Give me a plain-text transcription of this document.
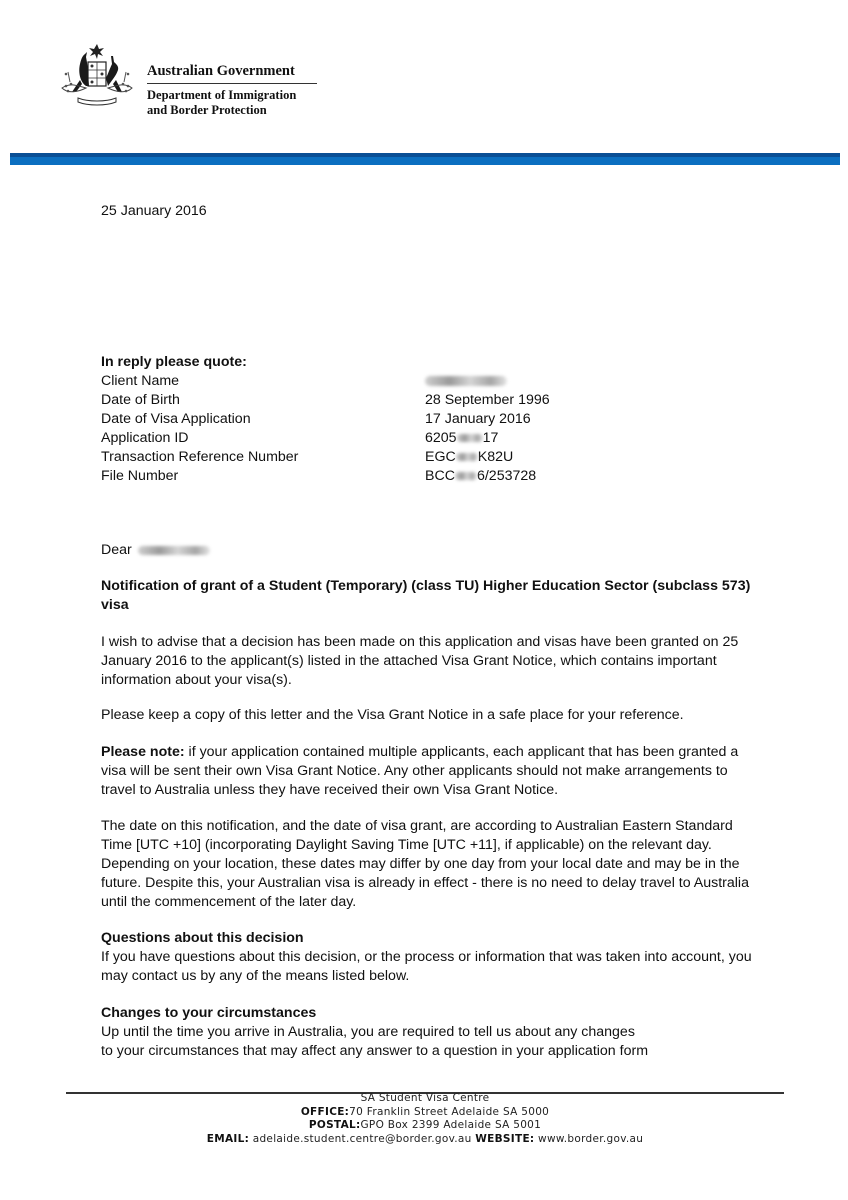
Australian Government
Department of Immigration
and Border Protection
25 January 2016
In reply please quote:
Client Name
Date of Birth	28 September 1996
Date of Visa Application	17 January 2016
Application ID	6205 17
Transaction Reference Number	EGC K82U
File Number	BCC 6/253728
Dear
Notification of grant of a Student (Temporary) (class TU) Higher Education Sector (subclass 573) visa
I wish to advise that a decision has been made on this application and visas have been granted on 25 January 2016 to the applicant(s) listed in the attached Visa Grant Notice, which contains important information about your visa(s).
Please keep a copy of this letter and the Visa Grant Notice in a safe place for your reference.
Please note: if your application contained multiple applicants, each applicant that has been granted a visa will be sent their own Visa Grant Notice. Any other applicants should not make arrangements to travel to Australia unless they have received their own Visa Grant Notice.
The date on this notification, and the date of visa grant, are according to Australian Eastern Standard Time [UTC +10] (incorporating Daylight Saving Time [UTC +11], if applicable) on the relevant day. Depending on your location, these dates may differ by one day from your local date and may be in the future. Despite this, your Australian visa is already in effect - there is no need to delay travel to Australia until the commencement of the later day.
Questions about this decision
If you have questions about this decision, or the process or information that was taken into account, you may contact us by any of the means listed below.
Changes to your circumstances
Up until the time you arrive in Australia, you are required to tell us about any changes
to your circumstances that may affect any answer to a question in your application form
SA Student Visa Centre
OFFICE:70 Franklin Street Adelaide SA 5000
POSTAL:GPO Box 2399 Adelaide SA 5001
EMAIL: adelaide.student.centre@border.gov.au WEBSITE: www.border.gov.au
